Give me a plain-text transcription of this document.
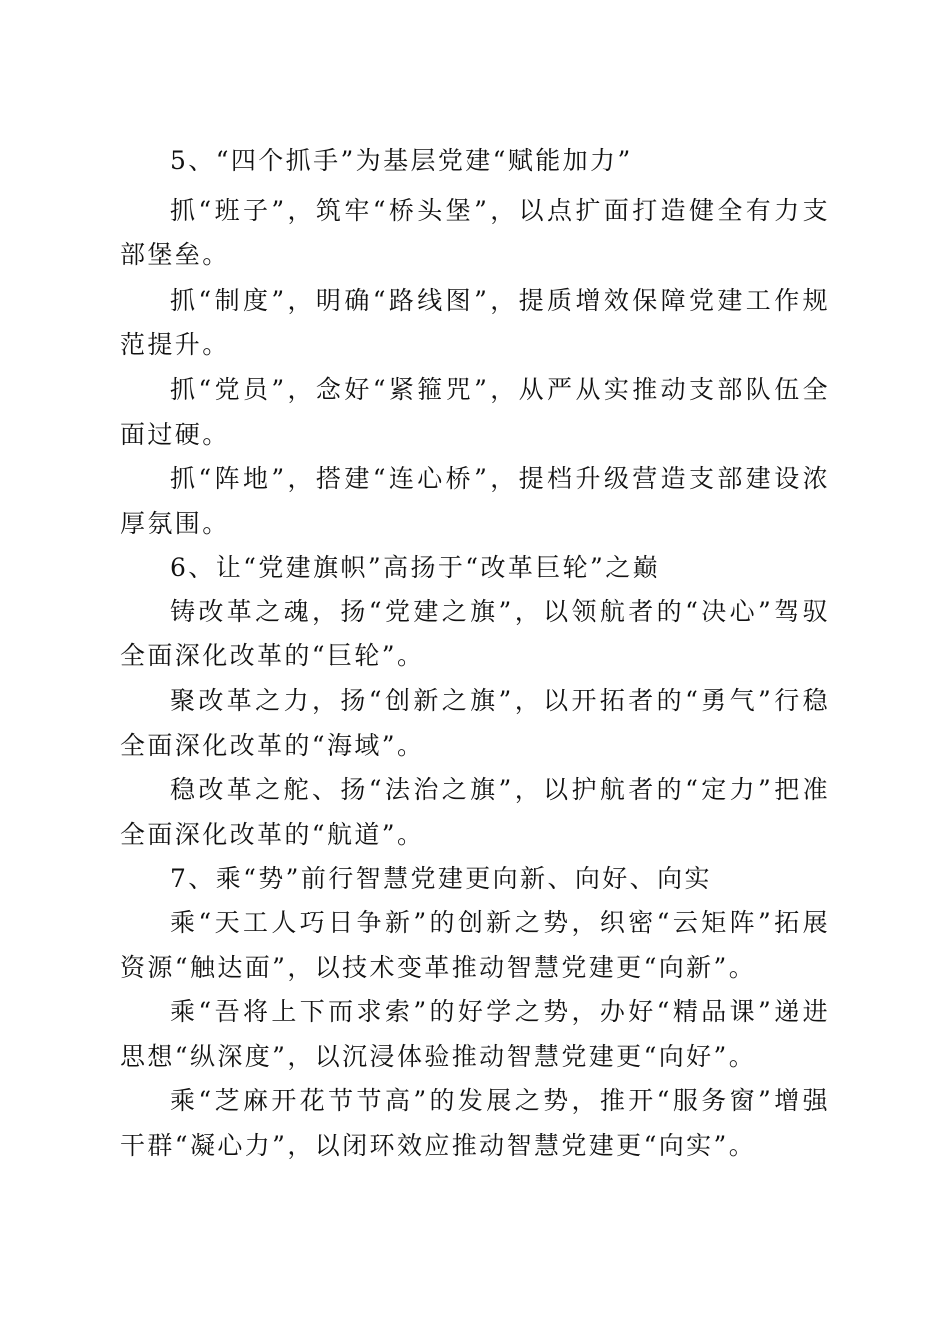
5、“四个抓手”为基层党建“赋能加力”
抓“班子”，筑牢“桥头堡”，以点扩面打造健全有力支
部堡垒。
抓“制度”，明确“路线图”，提质增效保障党建工作规
范提升。
抓“党员”，念好“紧箍咒”，从严从实推动支部队伍全
面过硬。
抓“阵地”，搭建“连心桥”，提档升级营造支部建设浓
厚氛围。
6、让“党建旗帜”高扬于“改革巨轮”之巅
铸改革之魂，扬“党建之旗”，以领航者的“决心”驾驭
全面深化改革的“巨轮”。
聚改革之力，扬“创新之旗”，以开拓者的“勇气”行稳
全面深化改革的“海域”。
稳改革之舵、扬“法治之旗”，以护航者的“定力”把准
全面深化改革的“航道”。
7、乘“势”前行智慧党建更向新、向好、向实
乘“天工人巧日争新”的创新之势，织密“云矩阵”拓展
资源“触达面”，以技术变革推动智慧党建更“向新”。
乘“吾将上下而求索”的好学之势，办好“精品课”递进
思想“纵深度”，以沉浸体验推动智慧党建更“向好”。
乘“芝麻开花节节高”的发展之势，推开“服务窗”增强
干群“凝心力”，以闭环效应推动智慧党建更“向实”。
